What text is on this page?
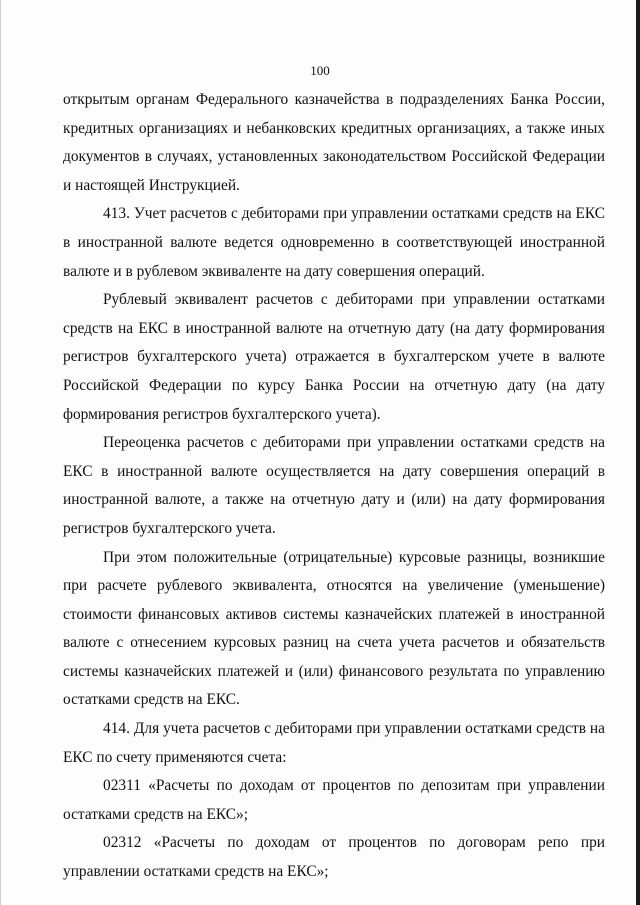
100

открытым органам Федерального казначейства в подразделениях Банка России, кредитных организациях и небанковских кредитных организациях, а также иных документов в случаях, установленных законодательством Российской Федерации и настоящей Инструкцией.

413. Учет расчетов с дебиторами при управлении остатками средств на ЕКС в иностранной валюте ведется одновременно в соответствующей иностранной валюте и в рублевом эквиваленте на дату совершения операций.

Рублевый эквивалент расчетов с дебиторами при управлении остатками средств на ЕКС в иностранной валюте на отчетную дату (на дату формирования регистров бухгалтерского учета) отражается в бухгалтерском учете в валюте Российской Федерации по курсу Банка России на отчетную дату (на дату формирования регистров бухгалтерского учета).

Переоценка расчетов с дебиторами при управлении остатками средств на ЕКС в иностранной валюте осуществляется на дату совершения операций в иностранной валюте, а также на отчетную дату и (или) на дату формирования регистров бухгалтерского учета.

При этом положительные (отрицательные) курсовые разницы, возникшие при расчете рублевого эквивалента, относятся на увеличение (уменьшение) стоимости финансовых активов системы казначейских платежей в иностранной валюте с отнесением курсовых разниц на счета учета расчетов и обязательств системы казначейских платежей и (или) финансового результата по управлению остатками средств на ЕКС.

414. Для учета расчетов с дебиторами при управлении остатками средств на ЕКС по счету применяются счета:

02311 «Расчеты по доходам от процентов по депозитам при управлении остатками средств на ЕКС»;

02312 «Расчеты по доходам от процентов по договорам репо при управлении остатками средств на ЕКС»;
